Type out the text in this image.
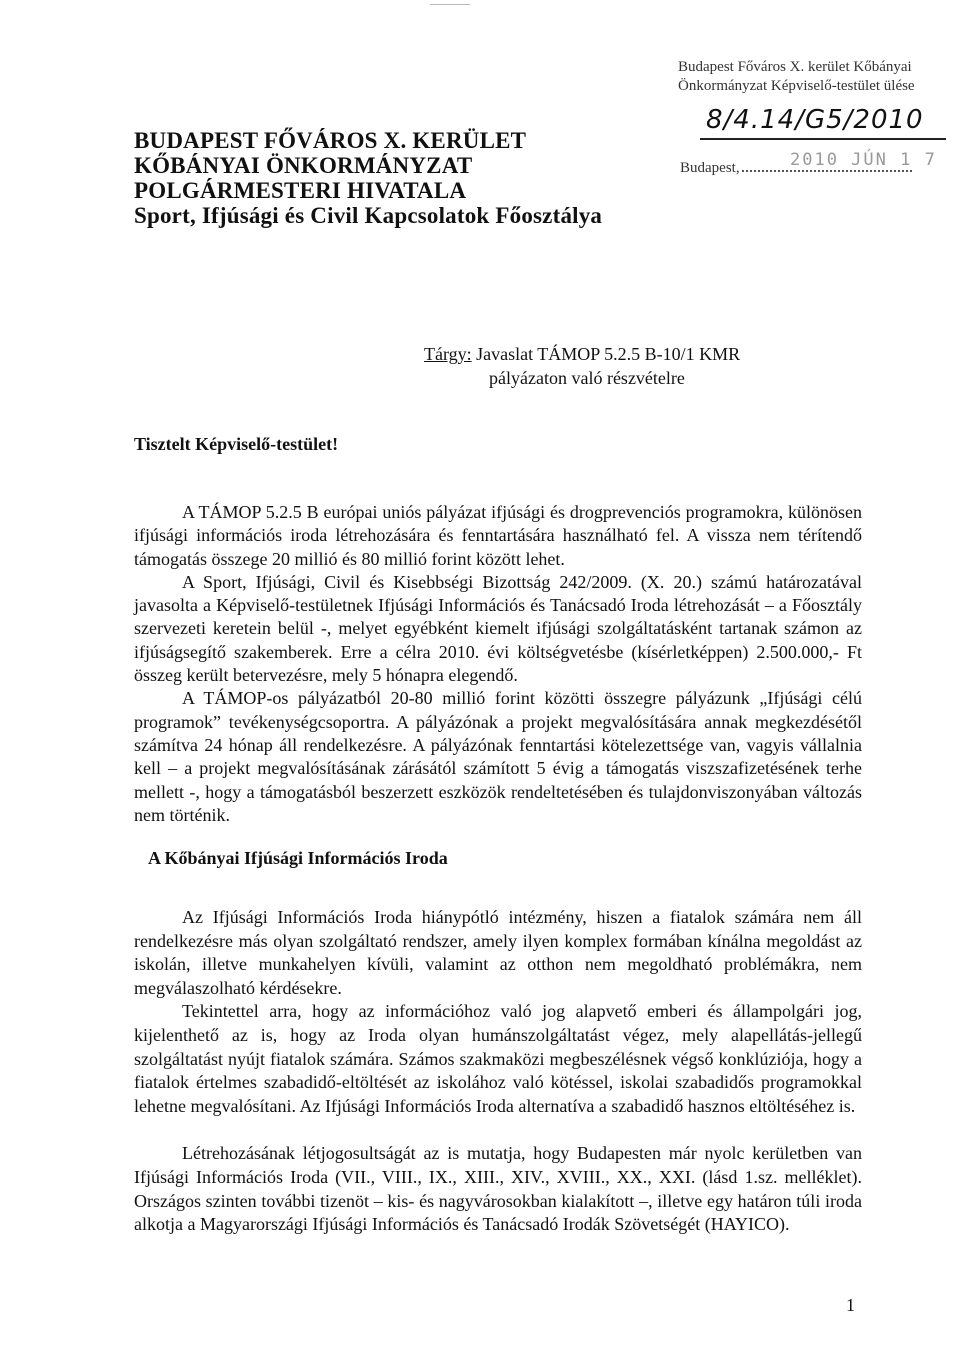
BUDAPEST FŐVÁROS X. KERÜLET
KŐBÁNYAI ÖNKORMÁNYZAT
POLGÁRMESTERI HIVATALA
Sport, Ifjúsági és Civil Kapcsolatok Főosztálya
Budapest Főváros X. kerület Kőbányai
Önkormányzat Képviselő-testület ülése
8/4.14/G5/2010
Budapest,	2010 JÚN 1 7
Tárgy: Javaslat TÁMOP 5.2.5 B-10/1 KMR
pályázaton való részvételre
Tisztelt Képviselő-testület!

A TÁMOP 5.2.5 B európai uniós pályázat ifjúsági és drogprevenciós programokra, különösen ifjúsági információs iroda létrehozására és fenntartására használható fel. A vissza nem térítendő támogatás összege 20 millió és 80 millió forint között lehet.

A Sport, Ifjúsági, Civil és Kisebbségi Bizottság 242/2009. (X. 20.) számú határozatával javasolta a Képviselő-testületnek Ifjúsági Információs és Tanácsadó Iroda létrehozását – a Főosztály szervezeti keretein belül -, melyet egyébként kiemelt ifjúsági szolgáltatásként tartanak számon az ifjúságsegítő szakemberek. Erre a célra 2010. évi költségvetésbe (kísérletképpen) 2.500.000,- Ft összeg került betervezésre, mely 5 hónapra elegendő.

A TÁMOP-os pályázatból 20-80 millió forint közötti összegre pályázunk „Ifjúsági célú programok” tevékenységcsoportra. A pályázónak a projekt megvalósítására annak megkezdésétől számítva 24 hónap áll rendelkezésre. A pályázónak fenntartási kötelezettsége van, vagyis vállalnia kell – a projekt megvalósításának zárásától számított 5 évig a támogatás viszszafizetésének terhe mellett -, hogy a támogatásból beszerzett eszközök rendeltetésében és tulajdonviszonyában változás nem történik.

A Kőbányai Ifjúsági Információs Iroda

Az Ifjúsági Információs Iroda hiánypótló intézmény, hiszen a fiatalok számára nem áll rendelkezésre más olyan szolgáltató rendszer, amely ilyen komplex formában kínálna megoldást az iskolán, illetve munkahelyen kívüli, valamint az otthon nem megoldható problémákra, nem megválaszolható kérdésekre.

Tekintettel arra, hogy az információhoz való jog alapvető emberi és állampolgári jog, kijelenthető az is, hogy az Iroda olyan humánszolgáltatást végez, mely alapellátás-jellegű szolgáltatást nyújt fiatalok számára. Számos szakmaközi megbeszélésnek végső konklúziója, hogy a fiatalok értelmes szabadidő-eltöltését az iskolához való kötéssel, iskolai szabadidős programokkal lehetne megvalósítani. Az Ifjúsági Információs Iroda alternatíva a szabadidő hasznos eltöltéséhez is.

Létrehozásának létjogosultságát az is mutatja, hogy Budapesten már nyolc kerületben van Ifjúsági Információs Iroda (VII., VIII., IX., XIII., XIV., XVIII., XX., XXI. (lásd 1.sz. melléklet). Országos szinten további tizenöt – kis- és nagyvárosokban kialakított –, illetve egy határon túli iroda alkotja a Magyarországi Ifjúsági Információs és Tanácsadó Irodák Szövetségét (HAYICO).

1
